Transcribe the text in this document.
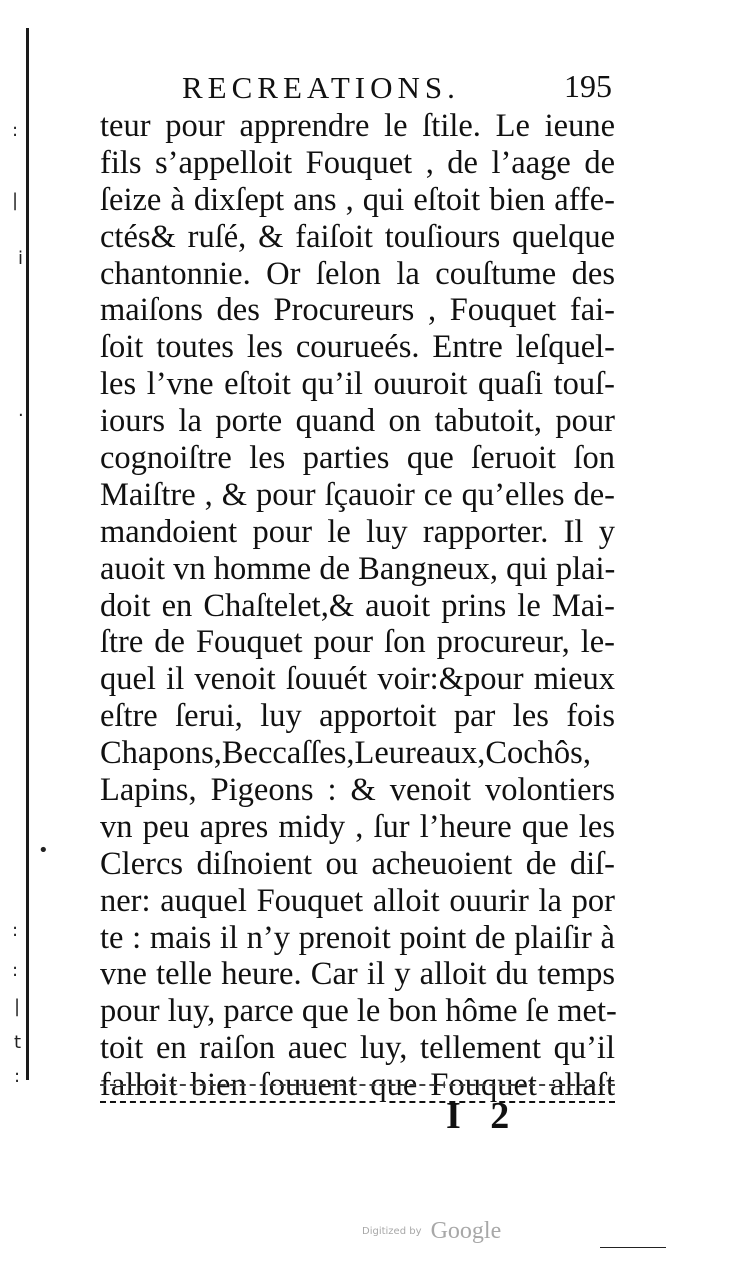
:
|
i
.
•
:
:
|
t
:
RECREATIONS.	195
teur pour apprendre le ſtile. Le ieune
fils s’appelloit Fouquet , de l’aage de
ſeize à dixſept ans , qui eſtoit bien affe-
ctés& ruſé, & faiſoit touſiours quelque
chantonnie. Or ſelon la couſtume des
maiſons des Procureurs , Fouquet fai-
ſoit toutes les courueés. Entre leſquel-
les l’vne eſtoit qu’il ouuroit quaſi touſ-
iours la porte quand on tabutoit, pour
cognoiſtre les parties que ſeruoit ſon
Maiſtre , & pour ſçauoir ce qu’elles de-
mandoient pour le luy rapporter. Il y
auoit vn homme de Bangneux, qui plai-
doit en Chaſtelet,& auoit prins le Mai-
ſtre de Fouquet pour ſon procureur, le-
quel il venoit ſouuét voir:&pour mieux
eſtre ſerui, luy apportoit par les fois
Chapons,Beccaſſes,Leureaux,Cochôs,
Lapins, Pigeons : & venoit volontiers
vn peu apres midy , ſur l’heure que les
Clercs diſnoient ou acheuoient de diſ-
ner: auquel Fouquet alloit ouurir la por
te : mais il n’y prenoit point de plaiſir à
vne telle heure. Car il y alloit du temps
pour luy, parce que le bon hôme ſe met-
toit en raiſon auec luy, tellement qu’il
falloit bien ſouuent que Fouquet allaſt
I 2
Digitized by Google
